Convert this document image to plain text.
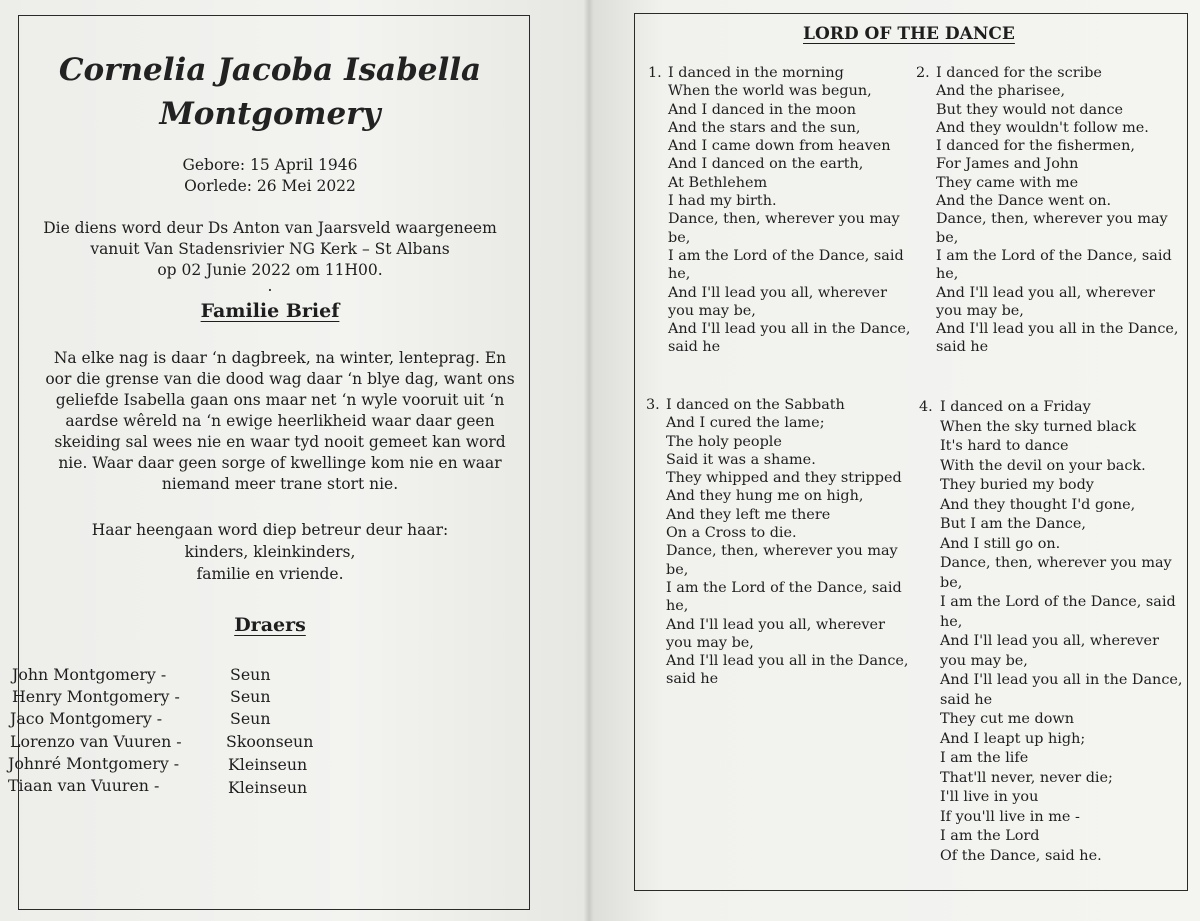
Cornelia Jacoba Isabella
Montgomery
Gebore: 15 April 1946
Oorlede: 26 Mei 2022
Die diens word deur Ds Anton van Jaarsveld waargeneem
vanuit Van Stadensrivier NG Kerk – St Albans
op 02 Junie 2022 om 11H00.
.
Familie Brief
Na elke nag is daar ‘n dagbreek, na winter, lenteprag. En
oor die grense van die dood wag daar ‘n blye dag, want ons
geliefde Isabella gaan ons maar net ‘n wyle vooruit uit ‘n
aardse wêreld na ‘n ewige heerlikheid waar daar geen
skeiding sal wees nie en waar tyd nooit gemeet kan word
nie. Waar daar geen sorge of kwellinge kom nie en waar
niemand meer trane stort nie.
Haar heengaan word diep betreur deur haar:
kinders, kleinkinders,
familie en vriende.
Draers
John Montgomery -	Seun
Henry Montgomery -	Seun
Jaco Montgomery -	Seun
Lorenzo van Vuuren -	Skoonseun
Johnré Montgomery -	Kleinseun
Tiaan van Vuuren -	Kleinseun
LORD OF THE DANCE
1. I danced in the morning
When the world was begun,
And I danced in the moon
And the stars and the sun,
And I came down from heaven
And I danced on the earth,
At Bethlehem
I had my birth.
Dance, then, wherever you may
be,
I am the Lord of the Dance, said
he,
And I'll lead you all, wherever
you may be,
And I'll lead you all in the Dance,
said he
2. I danced for the scribe
And the pharisee,
But they would not dance
And they wouldn't follow me.
I danced for the fishermen,
For James and John
They came with me
And the Dance went on.
Dance, then, wherever you may
be,
I am the Lord of the Dance, said
he,
And I'll lead you all, wherever
you may be,
And I'll lead you all in the Dance,
said he
3. I danced on the Sabbath
And I cured the lame;
The holy people
Said it was a shame.
They whipped and they stripped
And they hung me on high,
And they left me there
On a Cross to die.
Dance, then, wherever you may
be,
I am the Lord of the Dance, said
he,
And I'll lead you all, wherever
you may be,
And I'll lead you all in the Dance,
said he
4. I danced on a Friday
When the sky turned black
It's hard to dance
With the devil on your back.
They buried my body
And they thought I'd gone,
But I am the Dance,
And I still go on.
Dance, then, wherever you may
be,
I am the Lord of the Dance, said
he,
And I'll lead you all, wherever
you may be,
And I'll lead you all in the Dance,
said he
They cut me down
And I leapt up high;
I am the life
That'll never, never die;
I'll live in you
If you'll live in me -
I am the Lord
Of the Dance, said he.
